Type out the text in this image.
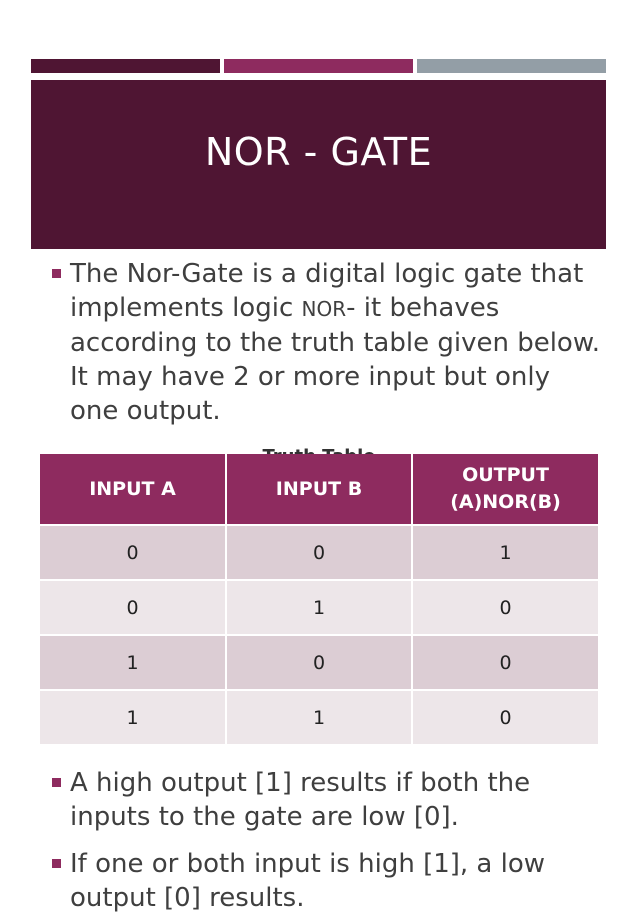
NOR - GATE
The Nor-Gate is a digital logic gate that implements logic NOR- it behaves according to the truth table given below. It may have 2 or more input but only one output.
INPUT A	INPUT B	OUTPUT
(A)NOR(B)
0	0	1
0	1	0
1	0	0
1	1	0
A high output [1] results if both the inputs to the gate are low [0].
If one or both input is high [1], a low output [0] results.
